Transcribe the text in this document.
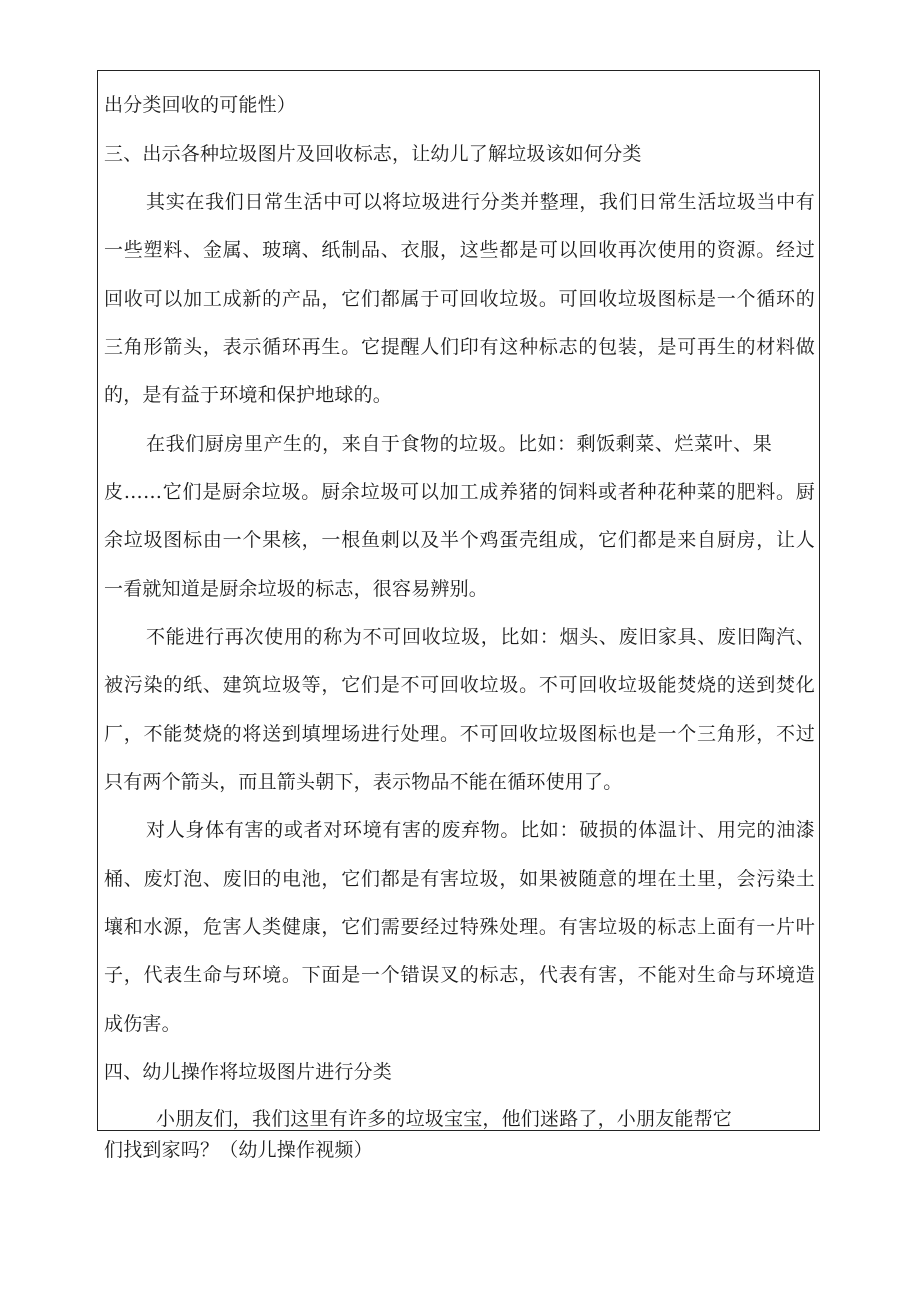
出分类回收的可能性）
三、出示各种垃圾图片及回收标志，让幼儿了解垃圾该如何分类
其实在我们日常生活中可以将垃圾进行分类并整理，我们日常生活垃圾当中有
一些塑料、金属、玻璃、纸制品、衣服，这些都是可以回收再次使用的资源。经过
回收可以加工成新的产品，它们都属于可回收垃圾。可回收垃圾图标是一个循环的
三角形箭头，表示循环再生。它提醒人们印有这种标志的包装，是可再生的材料做
的，是有益于环境和保护地球的。
在我们厨房里产生的，来自于食物的垃圾。比如：剩饭剩菜、烂菜叶、果
皮……它们是厨余垃圾。厨余垃圾可以加工成养猪的饲料或者种花种菜的肥料。厨
余垃圾图标由一个果核，一根鱼刺以及半个鸡蛋壳组成，它们都是来自厨房，让人
一看就知道是厨余垃圾的标志，很容易辨别。
不能进行再次使用的称为不可回收垃圾，比如：烟头、废旧家具、废旧陶汽、
被污染的纸、建筑垃圾等，它们是不可回收垃圾。不可回收垃圾能焚烧的送到焚化
厂，不能焚烧的将送到填埋场进行处理。不可回收垃圾图标也是一个三角形，不过
只有两个箭头，而且箭头朝下，表示物品不能在循环使用了。
对人身体有害的或者对环境有害的废弃物。比如：破损的体温计、用完的油漆
桶、废灯泡、废旧的电池，它们都是有害垃圾，如果被随意的埋在土里，会污染土
壤和水源，危害人类健康，它们需要经过特殊处理。有害垃圾的标志上面有一片叶
子，代表生命与环境。下面是一个错误叉的标志，代表有害，不能对生命与环境造
成伤害。
四、幼儿操作将垃圾图片进行分类
小朋友们，我们这里有许多的垃圾宝宝，他们迷路了，小朋友能帮它
们找到家吗？（幼儿操作视频）
